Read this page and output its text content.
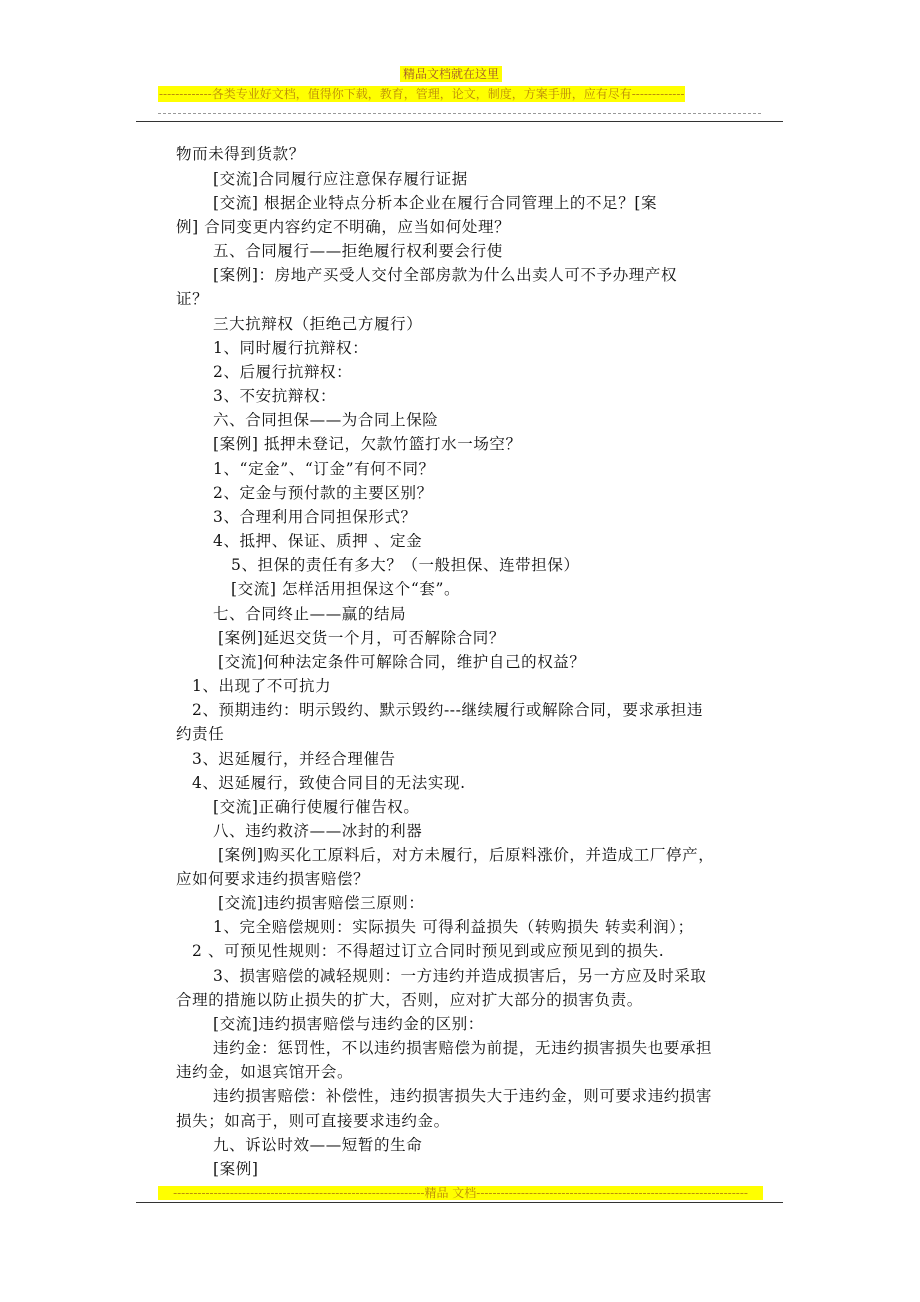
精品文档就在这里
-------------各类专业好文档，值得你下载，教育，管理，论文，制度，方案手册，应有尽有-------------
物而未得到货款？
[交流]合同履行应注意保存履行证据
[交流] 根据企业特点分析本企业在履行合同管理上的不足？[案
例] 合同变更内容约定不明确，应当如何处理？
五、合同履行——拒绝履行权利要会行使
[案例]：房地产买受人交付全部房款为什么出卖人可不予办理产权
证？
三大抗辩权（拒绝己方履行）
1、同时履行抗辩权：
2、后履行抗辩权：
3、不安抗辩权：
六、合同担保——为合同上保险
[案例] 抵押未登记，欠款竹篮打水一场空？
1、“定金”、“订金”有何不同？
2、定金与预付款的主要区别？
3、合理利用合同担保形式？
4、抵押、保证、质押 、定金
5、担保的责任有多大？（一般担保、连带担保）
[交流] 怎样活用担保这个“套”。
七、合同终止——赢的结局
[案例]延迟交货一个月，可否解除合同？
[交流]何种法定条件可解除合同，维护自己的权益？
1、出现了不可抗力
2、预期违约：明示毁约、默示毁约---继续履行或解除合同，要求承担违
约责任
3、迟延履行，并经合理催告
4、迟延履行，致使合同目的无法实现.
[交流]正确行使履行催告权。
八、违约救济——冰封的利器
[案例]购买化工原料后，对方未履行，后原料涨价，并造成工厂停产，
应如何要求违约损害赔偿？
[交流]违约损害赔偿三原则：
1、完全赔偿规则：实际损失 可得利益损失（转购损失 转卖利润）；
2 、可预见性规则：不得超过订立合同时预见到或应预见到的损失.
3、损害赔偿的减轻规则：一方违约并造成损害后，另一方应及时采取
合理的措施以防止损失的扩大，否则，应对扩大部分的损害负责。
[交流]违约损害赔偿与违约金的区别：
违约金：惩罚性，不以违约损害赔偿为前提，无违约损害损失也要承担
违约金，如退宾馆开会。
违约损害赔偿：补偿性，违约损害损失大于违约金，则可要求违约损害
损失；如高于，则可直接要求违约金。
九、诉讼时效——短暂的生命
[案例]
--------------------------------------------------------------精品 文档-------------------------------------------------------------------
